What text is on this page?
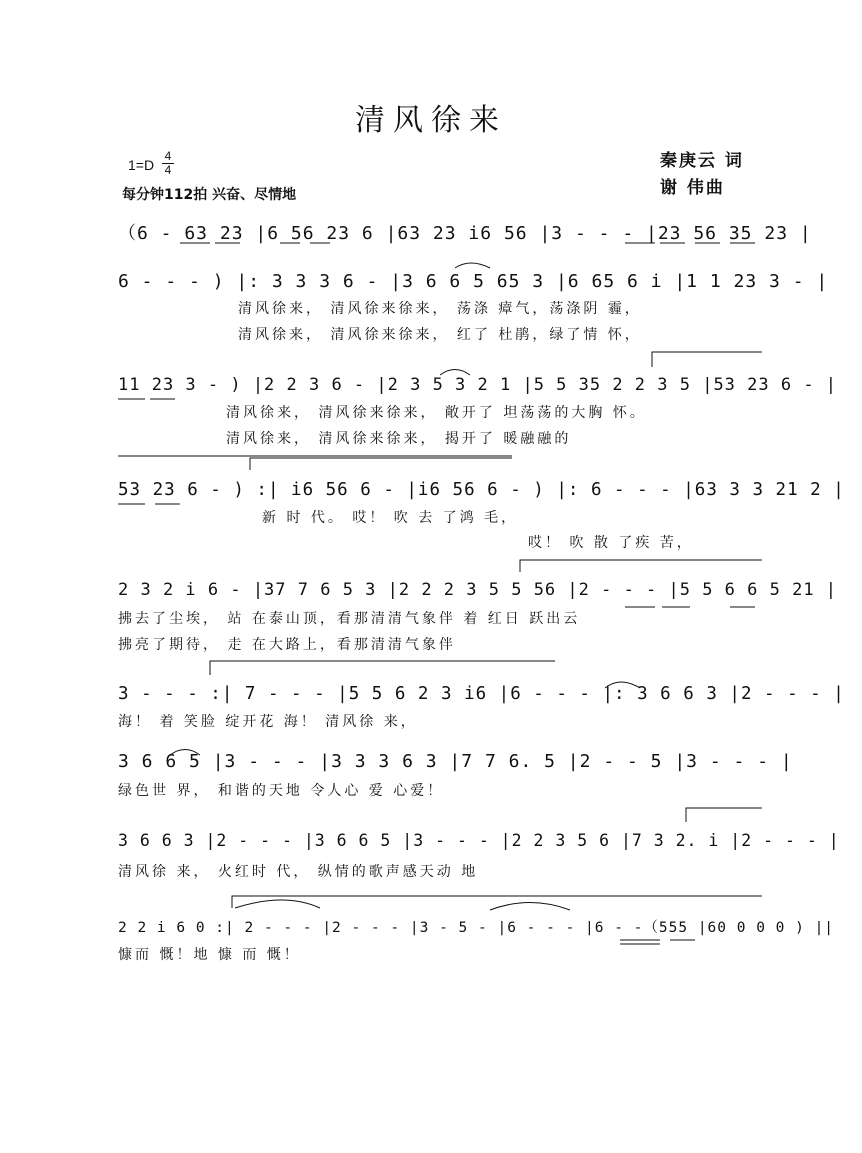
清风徐来
秦庚云 词
谢 伟曲
1=D
4
4
每分钟112拍 兴奋、尽情地
（6 - 63 23 |6 56 23 6 |63 23 i6 56 |3 - - - |23 56 35 23 |
6 - - - ) |: 3 3 3 6 - |3 6 6 5 65 3 |6 65 6 i |1 1 23 3 - |
清风徐来， 清风徐来徐来， 荡涤 瘴气，荡涤阴 霾，
清风徐来， 清风徐来徐来， 红了 杜鹃，绿了情 怀，
11 23 3 - ) |2 2 3 6 - |2 3 5 3 2 1 |5 5 35 2 2 3 5 |53 23 6 - |
清风徐来， 清风徐来徐来， 敞开了 坦荡荡的大胸 怀。
清风徐来， 清风徐来徐来， 揭开了 暖融融的
53 23 6 - ) :| i6 56 6 - |i6 56 6 - ) |: 6 - - - |63 3 3 21 2 |
新 时 代。 哎！ 吹 去 了鸿 毛，
哎！ 吹 散 了疾 苦，
2 3 2 i 6 - |37 7 6 5 3 |2 2 2 3 5 5 56 |2 - - - |5 5 6 6 5 21 |
拂去了尘埃， 站 在泰山顶，看那清清气象伴 着 红日 跃出云
拂亮了期待， 走 在大路上，看那清清气象伴
3 - - - :| 7 - - - |5 5 6 2 3 i6 |6 - - - |: 3 6 6 3 |2 - - - |
海！ 着 笑脸 绽开花 海！ 清风徐 来，
3 6 6 5 |3 - - - |3 3 3 6 3 |7 7 6. 5 |2 - - 5 |3 - - - |
绿色世 界， 和谐的天地 令人心 爱 心爱！
3 6 6 3 |2 - - - |3 6 6 5 |3 - - - |2 2 3 5 6 |7 3 2. i |2 - - - |
清风徐 来， 火红时 代， 纵情的歌声感天动 地
2 2 i 6 0 :| 2 - - - |2 - - - |3 - 5 - |6 - - - |6 - -（555 |60 0 0 0 ) ||
慷而 慨！地 慷 而 慨！
